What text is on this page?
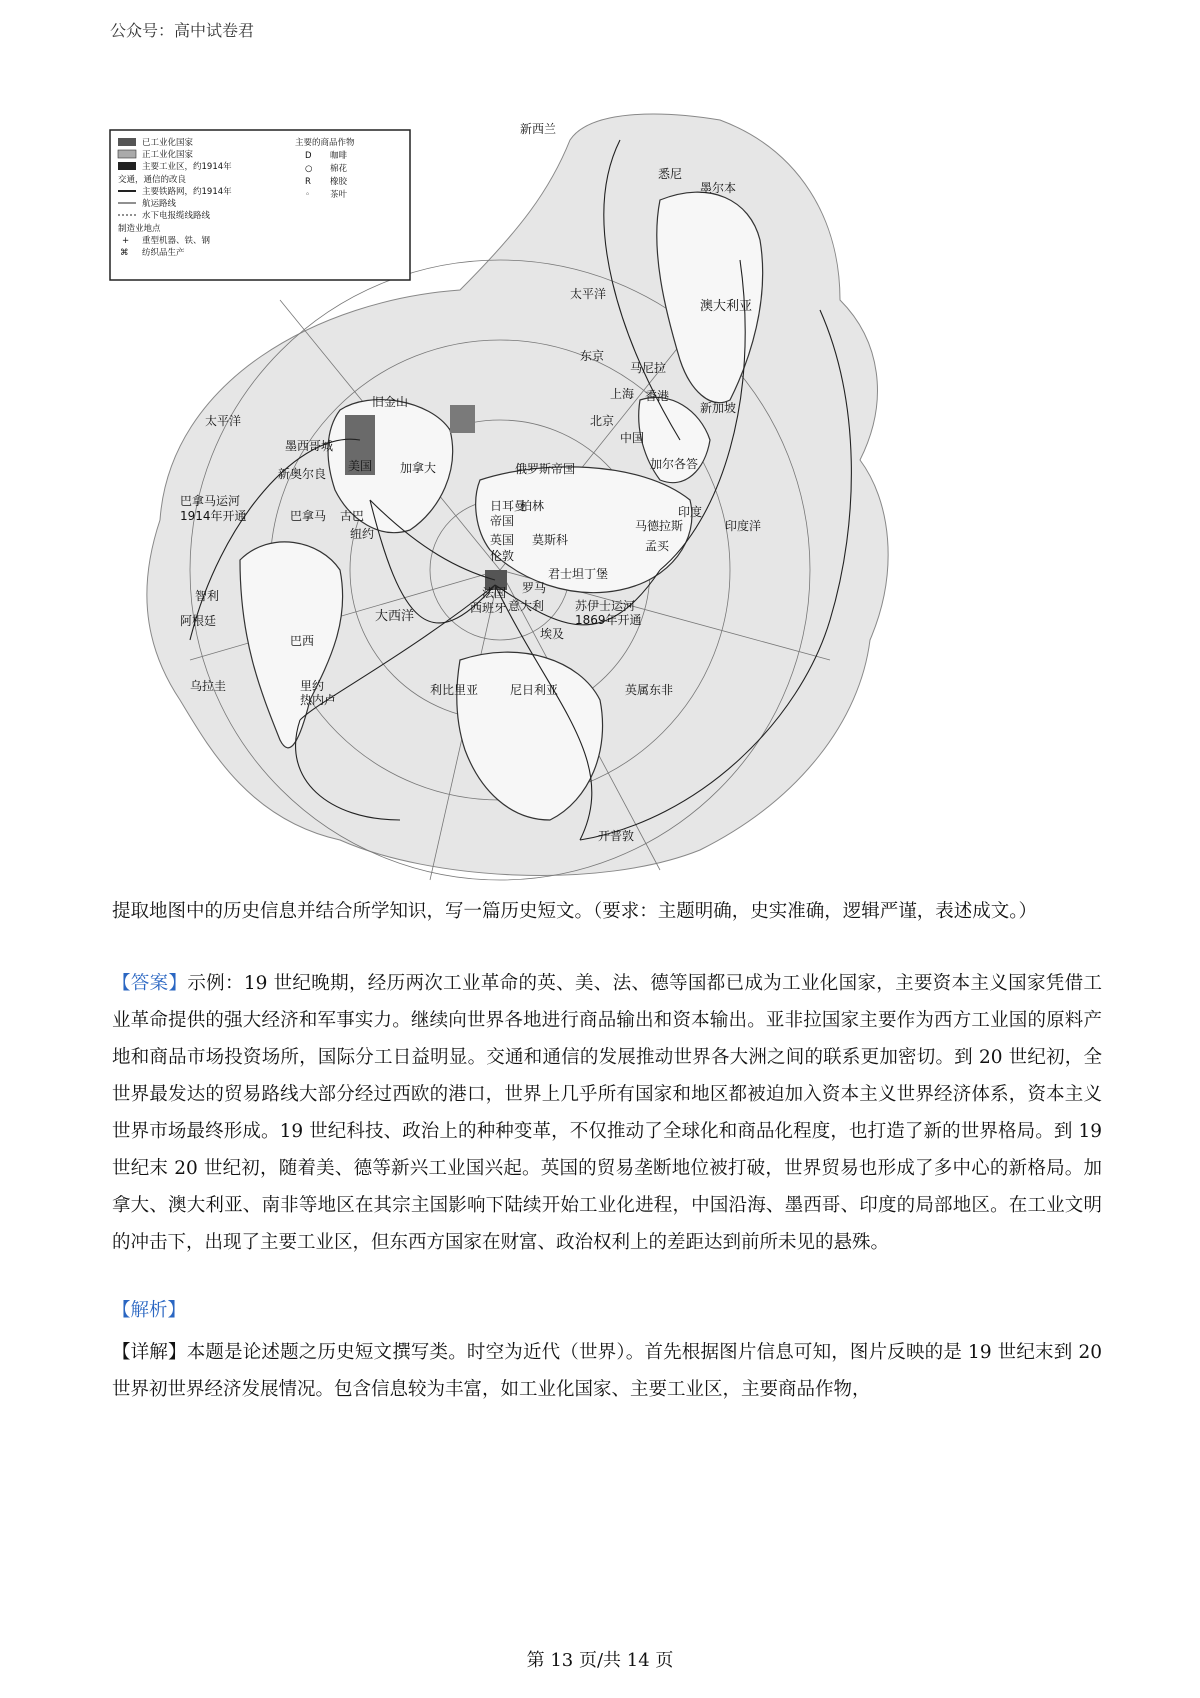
公众号：高中试卷君
已工业化国家
正工业化国家
主要工业区，约1914年
交通，通信的改良
主要铁路网，约1914年
航运路线
水下电报缆线路线
制造业地点
+ 重型机器、铁、钢
⌘ 纺织品生产
主要的商品作物
D 咖啡
○ 棉花
R 橡胶
◦ 茶叶
新西兰
悉尼
墨尔本
太平洋
澳大利亚
东京
马尼拉
上海 香港
北京
中国
新加坡
加尔各答
印度
马德拉斯
孟买
印度洋
太平洋
旧金山
墨西哥城
美国 加拿大
新奥尔良	俄罗斯帝国
巴拿马运河
1914年开通	巴拿马 古巴
纽约
柏林
日耳曼
帝国
英国
伦敦
莫斯科
君士坦丁堡
法国 罗马
西班牙 意大利	苏伊士运河
1869年开通
大西洋
智利
阿根廷
巴西	埃及
乌拉圭	里约
热内卢
利比里亚	尼日利亚	英属东非
开普敦
提取地图中的历史信息并结合所学知识，写一篇历史短文。（要求：主题明确，史实准确，逻辑严谨，表述成文。）
【答案】示例：19 世纪晚期，经历两次工业革命的英、美、法、德等国都已成为工业化国家，主要资本主义国家凭借工业革命提供的强大经济和军事实力。继续向世界各地进行商品输出和资本输出。亚非拉国家主要作为西方工业国的原料产地和商品市场投资场所，国际分工日益明显。交通和通信的发展推动世界各大洲之间的联系更加密切。到 20 世纪初，全世界最发达的贸易路线大部分经过西欧的港口，世界上几乎所有国家和地区都被迫加入资本主义世界经济体系，资本主义世界市场最终形成。19 世纪科技、政治上的种种变革，不仅推动了全球化和商品化程度，也打造了新的世界格局。到 19 世纪末 20 世纪初，随着美、德等新兴工业国兴起。英国的贸易垄断地位被打破，世界贸易也形成了多中心的新格局。加拿大、澳大利亚、南非等地区在其宗主国影响下陆续开始工业化进程，中国沿海、墨西哥、印度的局部地区。在工业文明的冲击下，出现了主要工业区，但东西方国家在财富、政治权利上的差距达到前所未见的悬殊。
【解析】
【详解】本题是论述题之历史短文撰写类。时空为近代（世界）。首先根据图片信息可知，图片反映的是 19 世纪末到 20 世界初世界经济发展情况。包含信息较为丰富，如工业化国家、主要工业区，主要商品作物，
第 13 页/共 14 页
